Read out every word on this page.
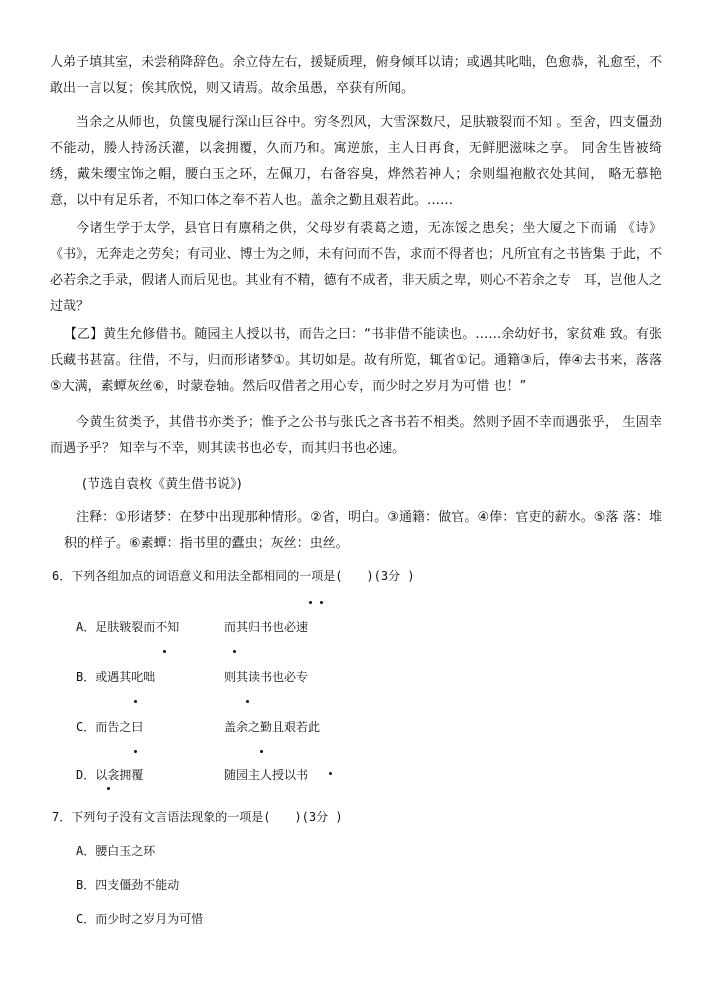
人弟子填其室，未尝稍降辞色。余立侍左右，援疑质理，俯身倾耳以请；或遇其叱咄，色愈恭，礼愈至，不敢出一言以复；俟其欣悦，则又请焉。故余虽愚，卒获有所闻。

当余之从师也，负箧曳屣行深山巨谷中。穷冬烈风，大雪深数尺，足肤皲裂而不知 。至舍，四支僵劲不能动，媵人持汤沃灌，以衾拥覆，久而乃和。寓逆旅，主人日再食，无鲜肥滋味之享。 同舍生皆被绮绣，戴朱缨宝饰之帽，腰白玉之环，左佩刀，右备容臭，烨然若神人；余则缊袍敝衣处其间， 略无慕艳意，以中有足乐者，不知口体之奉不若人也。盖余之勤且艰若此。……

今诸生学于太学，县官日有廪稍之供，父母岁有裘葛之遗，无冻馁之患矣；坐大厦之下而诵 《诗》《书》，无奔走之劳矣；有司业、博士为之师，未有问而不告，求而不得者也；凡所宜有之书皆集 于此，不必若余之手录，假诸人而后见也。其业有不精，德有不成者，非天质之卑，则心不若余之专　耳，岂他人之过哉？

【乙】黄生允修借书。随园主人授以书，而告之曰：“书非借不能读也。……余幼好书，家贫难 致。有张氏藏书甚富。往借，不与，归而形诸梦①。其切如是。故有所览，辄省①记。通籍③后，俸④去书来，落落⑤大满，素蟫灰丝⑥，时蒙卷轴。然后叹借者之用心专，而少时之岁月为可惜 也！”

今黄生贫类予，其借书亦类予；惟予之公书与张氏之吝书若不相类。然则予固不幸而遇张乎， 生固幸而遇予乎？ 知幸与不幸，则其读书也必专，而其归书也必速。

(节选自袁枚《黄生借书说》)

注释：①形诸梦：在梦中出现那种情形。②省，明白。③通籍：做官。④俸：官吏的薪水。⑤落 落：堆积的样子。⑥素蟫：指书里的蠹虫；灰丝：虫丝。

6．下列各组加点的词语意义和用法全都相同的一项是(　　)(3分 )
A．足肤皲裂而不知	而其归书也必速
B．或遇其叱咄	则其读书也必专
C．而告之曰	盖余之勤且艰若此
D．以衾拥覆	随园主人授以书
7．下列句子没有文言语法现象的一项是(　　)(3分 )
A．腰白玉之环
B．四支僵劲不能动
C．而少时之岁月为可惜
